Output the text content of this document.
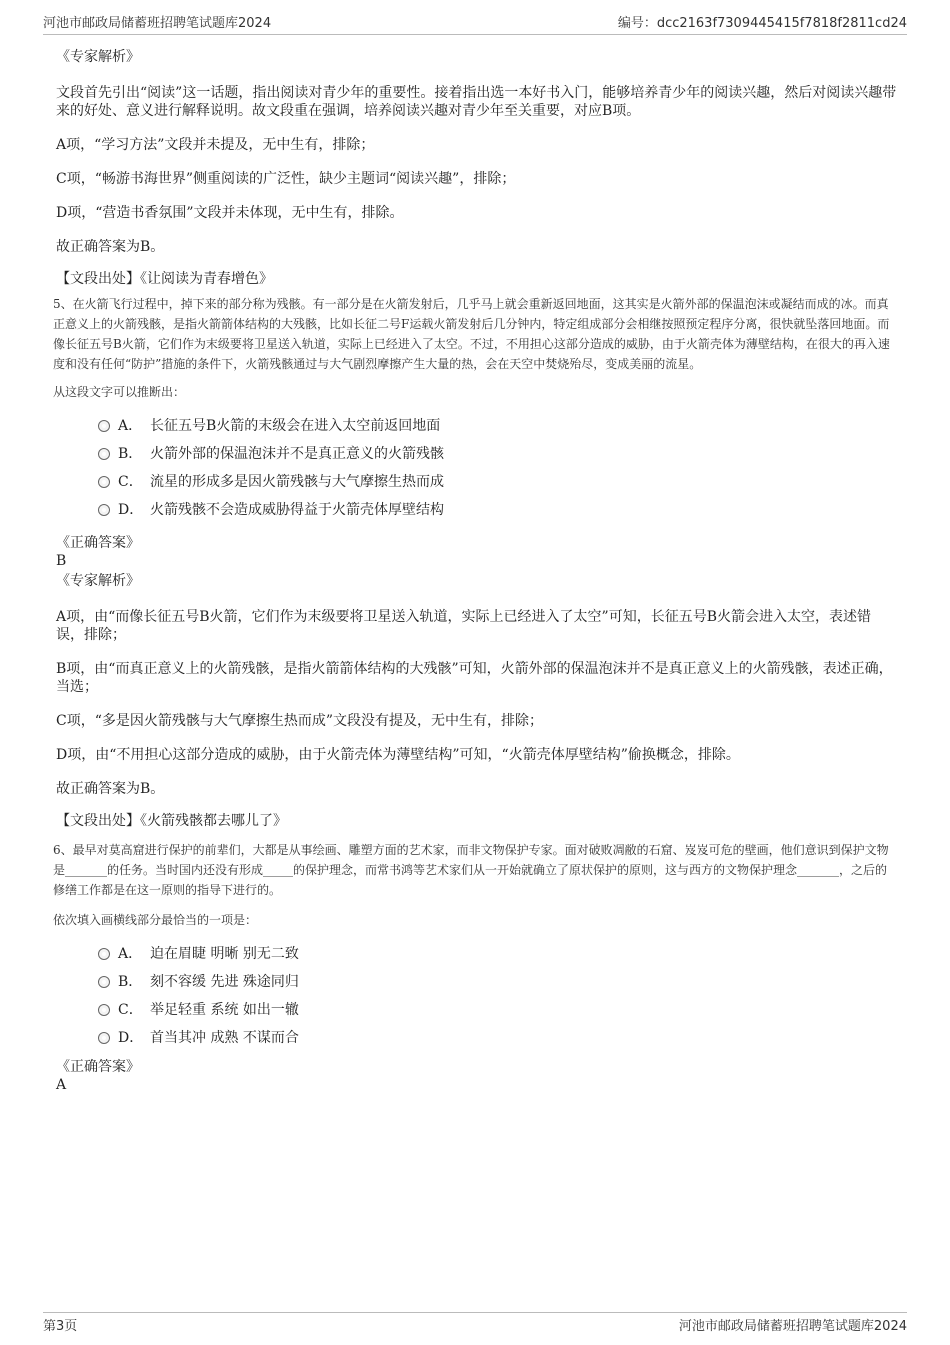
河池市邮政局储蓄班招聘笔试题库2024	编号：dcc2163f7309445415f7818f2811cd24

《专家解析》

文段首先引出“阅读”这一话题，指出阅读对青少年的重要性。接着指出选一本好书入门，能够培养青少年的阅读兴趣，然后对阅读兴趣带来的好处、意义进行解释说明。故文段重在强调，培养阅读兴趣对青少年至关重要，对应B项。

A项，“学习方法”文段并未提及，无中生有，排除；

C项，“畅游书海世界”侧重阅读的广泛性，缺少主题词“阅读兴趣”，排除；

D项，“营造书香氛围”文段并未体现，无中生有，排除。

故正确答案为B。

【文段出处】《让阅读为青春增色》

5、在火箭飞行过程中，掉下来的部分称为残骸。有一部分是在火箭发射后，几乎马上就会重新返回地面，这其实是火箭外部的保温泡沫或凝结而成的冰。而真正意义上的火箭残骸，是指火箭箭体结构的大残骸，比如长征二号F运载火箭发射后几分钟内，特定组成部分会相继按照预定程序分离，很快就坠落回地面。而像长征五号B火箭，它们作为末级要将卫星送入轨道，实际上已经进入了太空。不过，不用担心这部分造成的威胁，由于火箭壳体为薄壁结构，在很大的再入速度和没有任何“防护”措施的条件下，火箭残骸通过与大气剧烈摩擦产生大量的热，会在天空中焚烧殆尽，变成美丽的流星。

从这段文字可以推断出：

A． 长征五号B火箭的末级会在进入太空前返回地面
B． 火箭外部的保温泡沫并不是真正意义的火箭残骸
C． 流星的形成多是因火箭残骸与大气摩擦生热而成
D． 火箭残骸不会造成威胁得益于火箭壳体厚壁结构

《正确答案》

B

《专家解析》

A项，由“而像长征五号B火箭，它们作为末级要将卫星送入轨道，实际上已经进入了太空”可知，长征五号B火箭会进入太空，表述错误，排除；

B项，由“而真正意义上的火箭残骸，是指火箭箭体结构的大残骸”可知，火箭外部的保温泡沫并不是真正意义上的火箭残骸，表述正确，当选；

C项，“多是因火箭残骸与大气摩擦生热而成”文段没有提及，无中生有，排除；

D项，由“不用担心这部分造成的威胁，由于火箭壳体为薄壁结构”可知，“火箭壳体厚壁结构”偷换概念，排除。

故正确答案为B。

【文段出处】《火箭残骸都去哪儿了》

6、最早对莫高窟进行保护的前辈们，大都是从事绘画、雕塑方面的艺术家，而非文物保护专家。面对破败凋敝的石窟、岌岌可危的壁画，他们意识到保护文物是_______的任务。当时国内还没有形成_____的保护理念，而常书鸿等艺术家们从一开始就确立了原状保护的原则，这与西方的文物保护理念_______，之后的修缮工作都是在这一原则的指导下进行的。

依次填入画横线部分最恰当的一项是：

A． 迫在眉睫 明晰 别无二致
B． 刻不容缓 先进 殊途同归
C． 举足轻重 系统 如出一辙
D． 首当其冲 成熟 不谋而合

《正确答案》

A

第3页	河池市邮政局储蓄班招聘笔试题库2024
